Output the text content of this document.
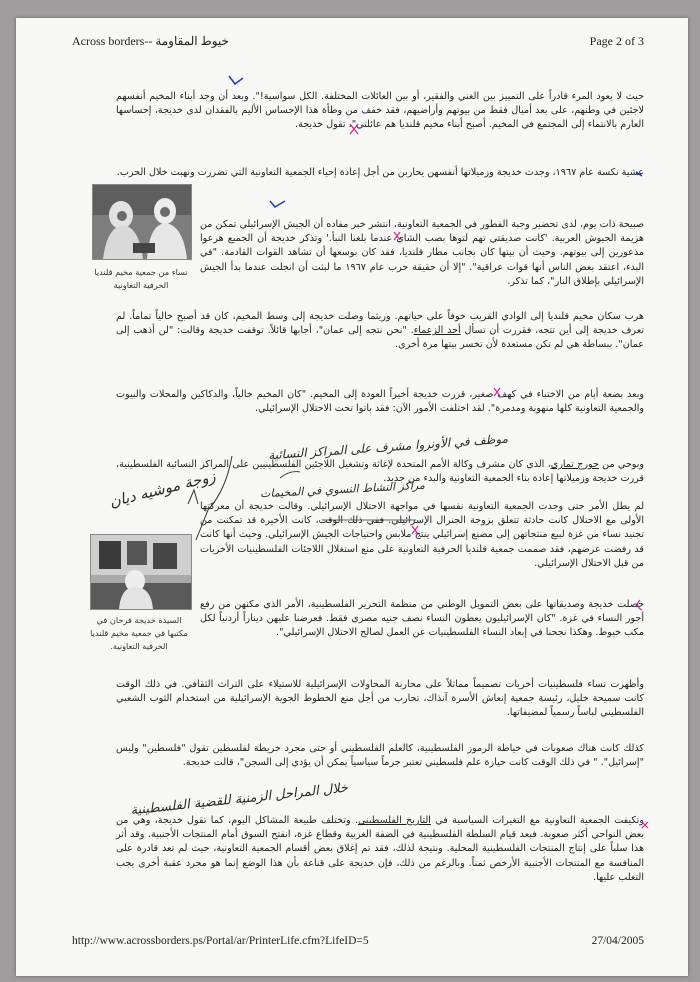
Across borders-- خيوط المقاومة	Page 2 of 3
حيث لا يعود المرء قادراً على التمييز بين الغني والفقير، أو بين العائلات المختلفة. الكل سواسية!". وبعد أن وجد أبناء المخيم أنفسهم لاجئين في وطنهم، على بعد أميال فقط من بيوتهم وأراضيهم، فقد خفف من وطأة هذا الإحساس الأليم بالفقدان لدى خديجة، إحساسها العارم بالانتماء إلى المجتمع في المخيم. أصبح أبناء مخيم قلنديا هم عائلتي"، تقول خديجة.
عشية نكسة عام ١٩٦٧، وجدت خديجة وزميلاتها أنفسهن يحاربن من أجل إعادة إحياء الجمعية التعاونية التي تضررت ونهبت خلال الحرب.
صبيحة ذات يوم، لدى تحضير وجبة الفطور في الجمعية التعاونية، انتشر خبر مفاده أن الجيش الإسرائيلي تمكن من هزيمة الجيوش العربية. 'كانت صديقتي تهم لتوها بصب الشاي عندما بلغنا النبأ.' وتذكر خديجة أن الجميع هرعوا مذعورين إلى بيوتهم. وحيث أن بيتها كان بجانب مطار قلنديا، فقد كان بوسعها أن تشاهد القوات القادمة. "في البدء، اعتقد بعض الناس أنها قوات عراقية". "إلا أن حقيقة حرب عام ١٩٦٧ ما لبثت أن انجلت عندما بدأ الجيش الإسرائيلي بإطلاق النار"، كما تذكر.
هرب سكان مخيم قلنديا إلى الوادي القريب خوفاً على حياتهم. وريثما وصلت خديجة إلى وسط المخيم، كان قد أصبح خالياً تماماً. لم تعرف خديجة إلى أين تتجه، فقررت أن تسأل أحد الزعماء. "نحن نتجه إلى عمان"، أجابها قائلاً. توقفت خديجة وقالت: "لن أذهب إلى عمان". ببساطة هي لم تكن مستعدة لأن تخسر بيتها مرة أخرى.
وبعد بضعة أيام من الاختباء في كهف صغير، قررت خديجة أخيراً العودة إلى المخيم. "كان المخيم خالياً، والدكاكين والمحلات والبيوت والجمعية التعاونية كلها منهوبة ومدمرة". لقد اختلفت الأمور الآن: فقد باتوا تحت الاحتلال الإسرائيلي.
وبوحي من جورج تماري، الذي كان مشرف وكالة الأمم المتحدة لإغاثة وتشغيل اللاجئين الفلسطينيين على المراكز النسائية الفلسطينية، قررت خديجة وزميلاتها إعادة بناء الجمعية التعاونية والبدء من جديد.
لم يطل الأمر حتى وجدت الجمعية التعاونية نفسها في مواجهة الاحتلال الإسرائيلي. وقالت خديجة أن معركتها الأولى مع الاحتلال كانت حادثة تتعلق بزوجة الجنرال الإسرائيلي. ففي ذلك الوقت، كانت الأخيرة قد تمكنت من تجنيد نساء من غزة لبيع منتجاتهن إلى مصنع إسرائيلي ينتج ملابس واحتياجات الجيش الإسرائيلي. وحيث أنها كانت قد رفضت عرضهم، فقد صممت جمعية قلنديا الحرفية التعاونية على منع استغلال اللاجئات الفلسطينيات الأخريات من قبل الاحتلال الإسرائيلي.
حصلت خديجة وصديقاتها على بعض التمويل الوطني من منظمة التحرير الفلسطينية، الأمر الذي مكنهن من رفع أجور النساء في غزة. "كان الإسرائيليون يعطون النساء نصف جنيه مصري فقط. فعرضنا عليهن ديناراً أردنياً لكل مكب خيوط. وهكذا نجحنا في إبعاد النساء الفلسطينيات عن العمل لصالح الاحتلال الإسرائيلي".
وأظهرت نساء فلسطينيات أخريات تصميماً مماثلاً على محاربة المحاولات الإسرائيلية للاستيلاء على التراث الثقافي. في ذلك الوقت كانت سميحة خليل، رئيسة جمعية إنعاش الأسرة آنذاك، تحارب من أجل منع الخطوط الجوية الإسرائيلية من استخدام الثوب الشعبي الفلسطيني لباساً رسمياً لمضيفاتها.
كذلك كانت هناك صعوبات في خياطة الرموز الفلسطينية، كالعلم الفلسطيني أو حتى مجرد خريطة لفلسطين تقول "فلسطين" وليس "إسرائيل". " في ذلك الوقت كانت حيازة علم فلسطيني تعتبر جرماً سياسياً يمكن أن يؤدي إلى السجن"، قالت خديجة.
وتكيفت الجمعية التعاونية مع التغيرات السياسية في التاريخ الفلسطيني. وتختلف طبيعة المشاكل اليوم، كما تقول خديجة، وهي من بعض النواحي أكثر صعوبة. فبعد قيام السلطة الفلسطينية في الضفة الغربية وقطاع غزة، انفتح السوق أمام المنتجات الأجنبية. وقد أثر هذا سلباً على إنتاج المنتجات الفلسطينية المحلية. ونتيجة لذلك، فقد تم إغلاق بعض أقسام الجمعية التعاونية، حيث لم تعد قادرة على المنافسة مع المنتجات الأجنبية الأرخص ثمناً. وبالرغم من ذلك، فإن خديجة على قناعة بأن هذا الوضع إنما هو مجرد عقبة أخرى يجب التغلب عليها.
نساء من جمعية مخيم قلنديا الحرفية التعاونية
السيدة خديجة فرحان في مكتبها في جمعية مخيم قلنديا الحرفية التعاونية.
موظف في الأونروا مشرف على المراكز النسائية
مراكز النشاط النسوي في المخيمات
زوجة موشيه ديان
خلال المراحل الزمنية للقضية الفلسطينية
http://www.acrossborders.ps/Portal/ar/PrinterLife.cfm?LifeID=5	27/04/2005
